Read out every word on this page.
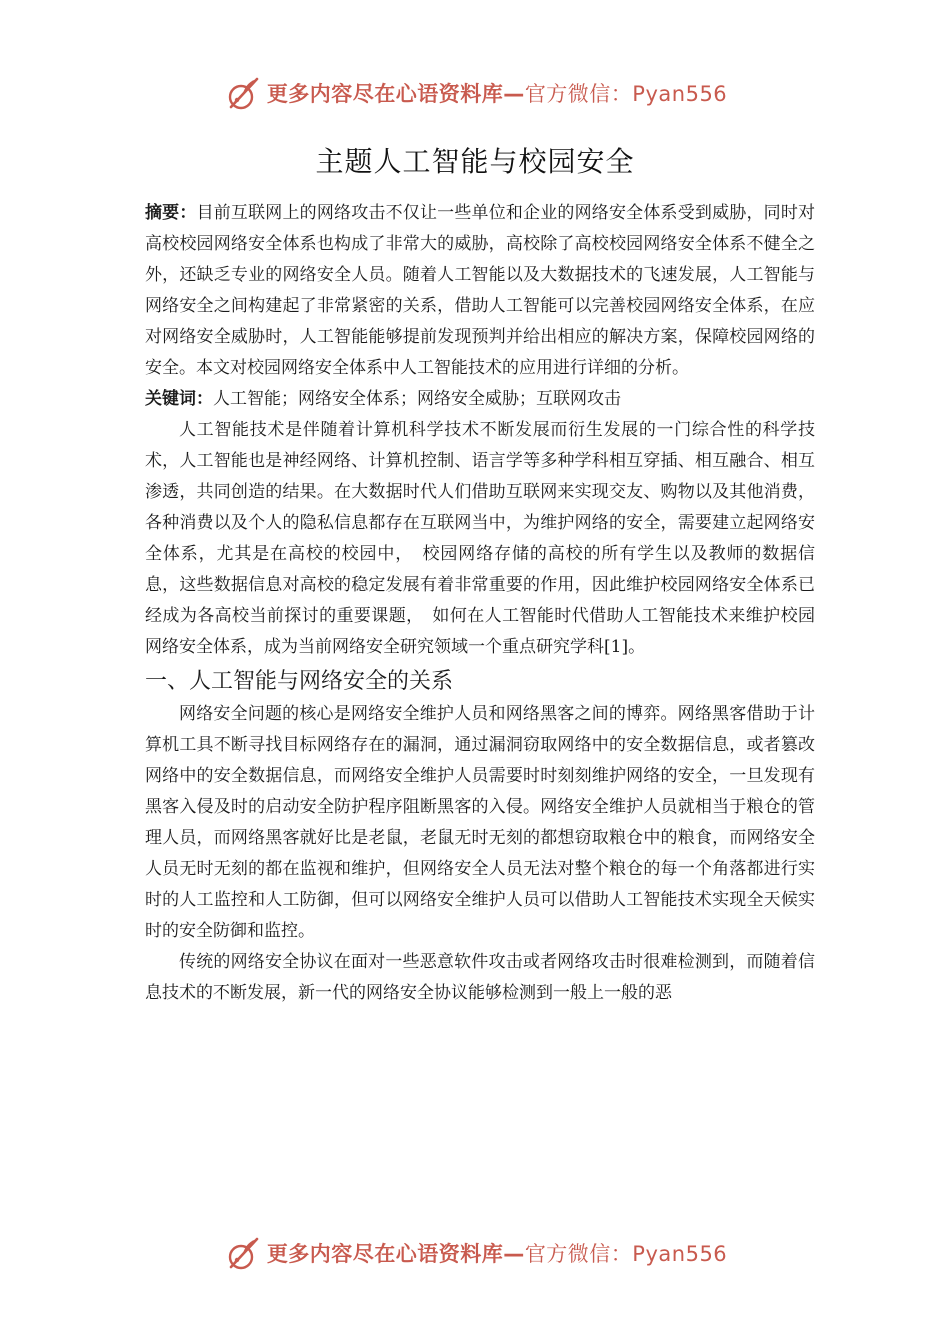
更多内容尽在心语资料库—官方微信：Pyan556
主题人工智能与校园安全

摘要：目前互联网上的网络攻击不仅让一些单位和企业的网络安全体系受到威胁，同时对高校校园网络安全体系也构成了非常大的威胁，高校除了高校校园网络安全体系不健全之外，还缺乏专业的网络安全人员。随着人工智能以及大数据技术的飞速发展，人工智能与网络安全之间构建起了非常紧密的关系，借助人工智能可以完善校园网络安全体系，在应对网络安全威胁时，人工智能能够提前发现预判并给出相应的解决方案，保障校园网络的安全。本文对校园网络安全体系中人工智能技术的应用进行详细的分析。

关键词：人工智能；网络安全体系；网络安全威胁；互联网攻击

人工智能技术是伴随着计算机科学技术不断发展而衍生发展的一门综合性的科学技术，人工智能也是神经网络、计算机控制、语言学等多种学科相互穿插、相互融合、相互渗透，共同创造的结果。在大数据时代人们借助互联网来实现交友、购物以及其他消费，各种消费以及个人的隐私信息都存在互联网当中，为维护网络的安全，需要建立起网络安全体系，尤其是在高校的校园中，　校园网络存储的高校的所有学生以及教师的数据信息，这些数据信息对高校的稳定发展有着非常重要的作用，因此维护校园网络安全体系已经成为各高校当前探讨的重要课题，　如何在人工智能时代借助人工智能技术来维护校园网络安全体系，成为当前网络安全研究领域一个重点研究学科[1]。

一、人工智能与网络安全的关系

网络安全问题的核心是网络安全维护人员和网络黑客之间的博弈。网络黑客借助于计算机工具不断寻找目标网络存在的漏洞，通过漏洞窃取网络中的安全数据信息，或者篡改网络中的安全数据信息，而网络安全维护人员需要时时刻刻维护网络的安全，一旦发现有黑客入侵及时的启动安全防护程序阻断黑客的入侵。网络安全维护人员就相当于粮仓的管理人员，而网络黑客就好比是老鼠，老鼠无时无刻的都想窃取粮仓中的粮食，而网络安全人员无时无刻的都在监视和维护，但网络安全人员无法对整个粮仓的每一个角落都进行实时的人工监控和人工防御，但可以网络安全维护人员可以借助人工智能技术实现全天候实时的安全防御和监控。

传统的网络安全协议在面对一些恶意软件攻击或者网络攻击时很难检测到，而随着信息技术的不断发展，新一代的网络安全协议能够检测到一般上一般的恶

更多内容尽在心语资料库—官方微信：Pyan556
